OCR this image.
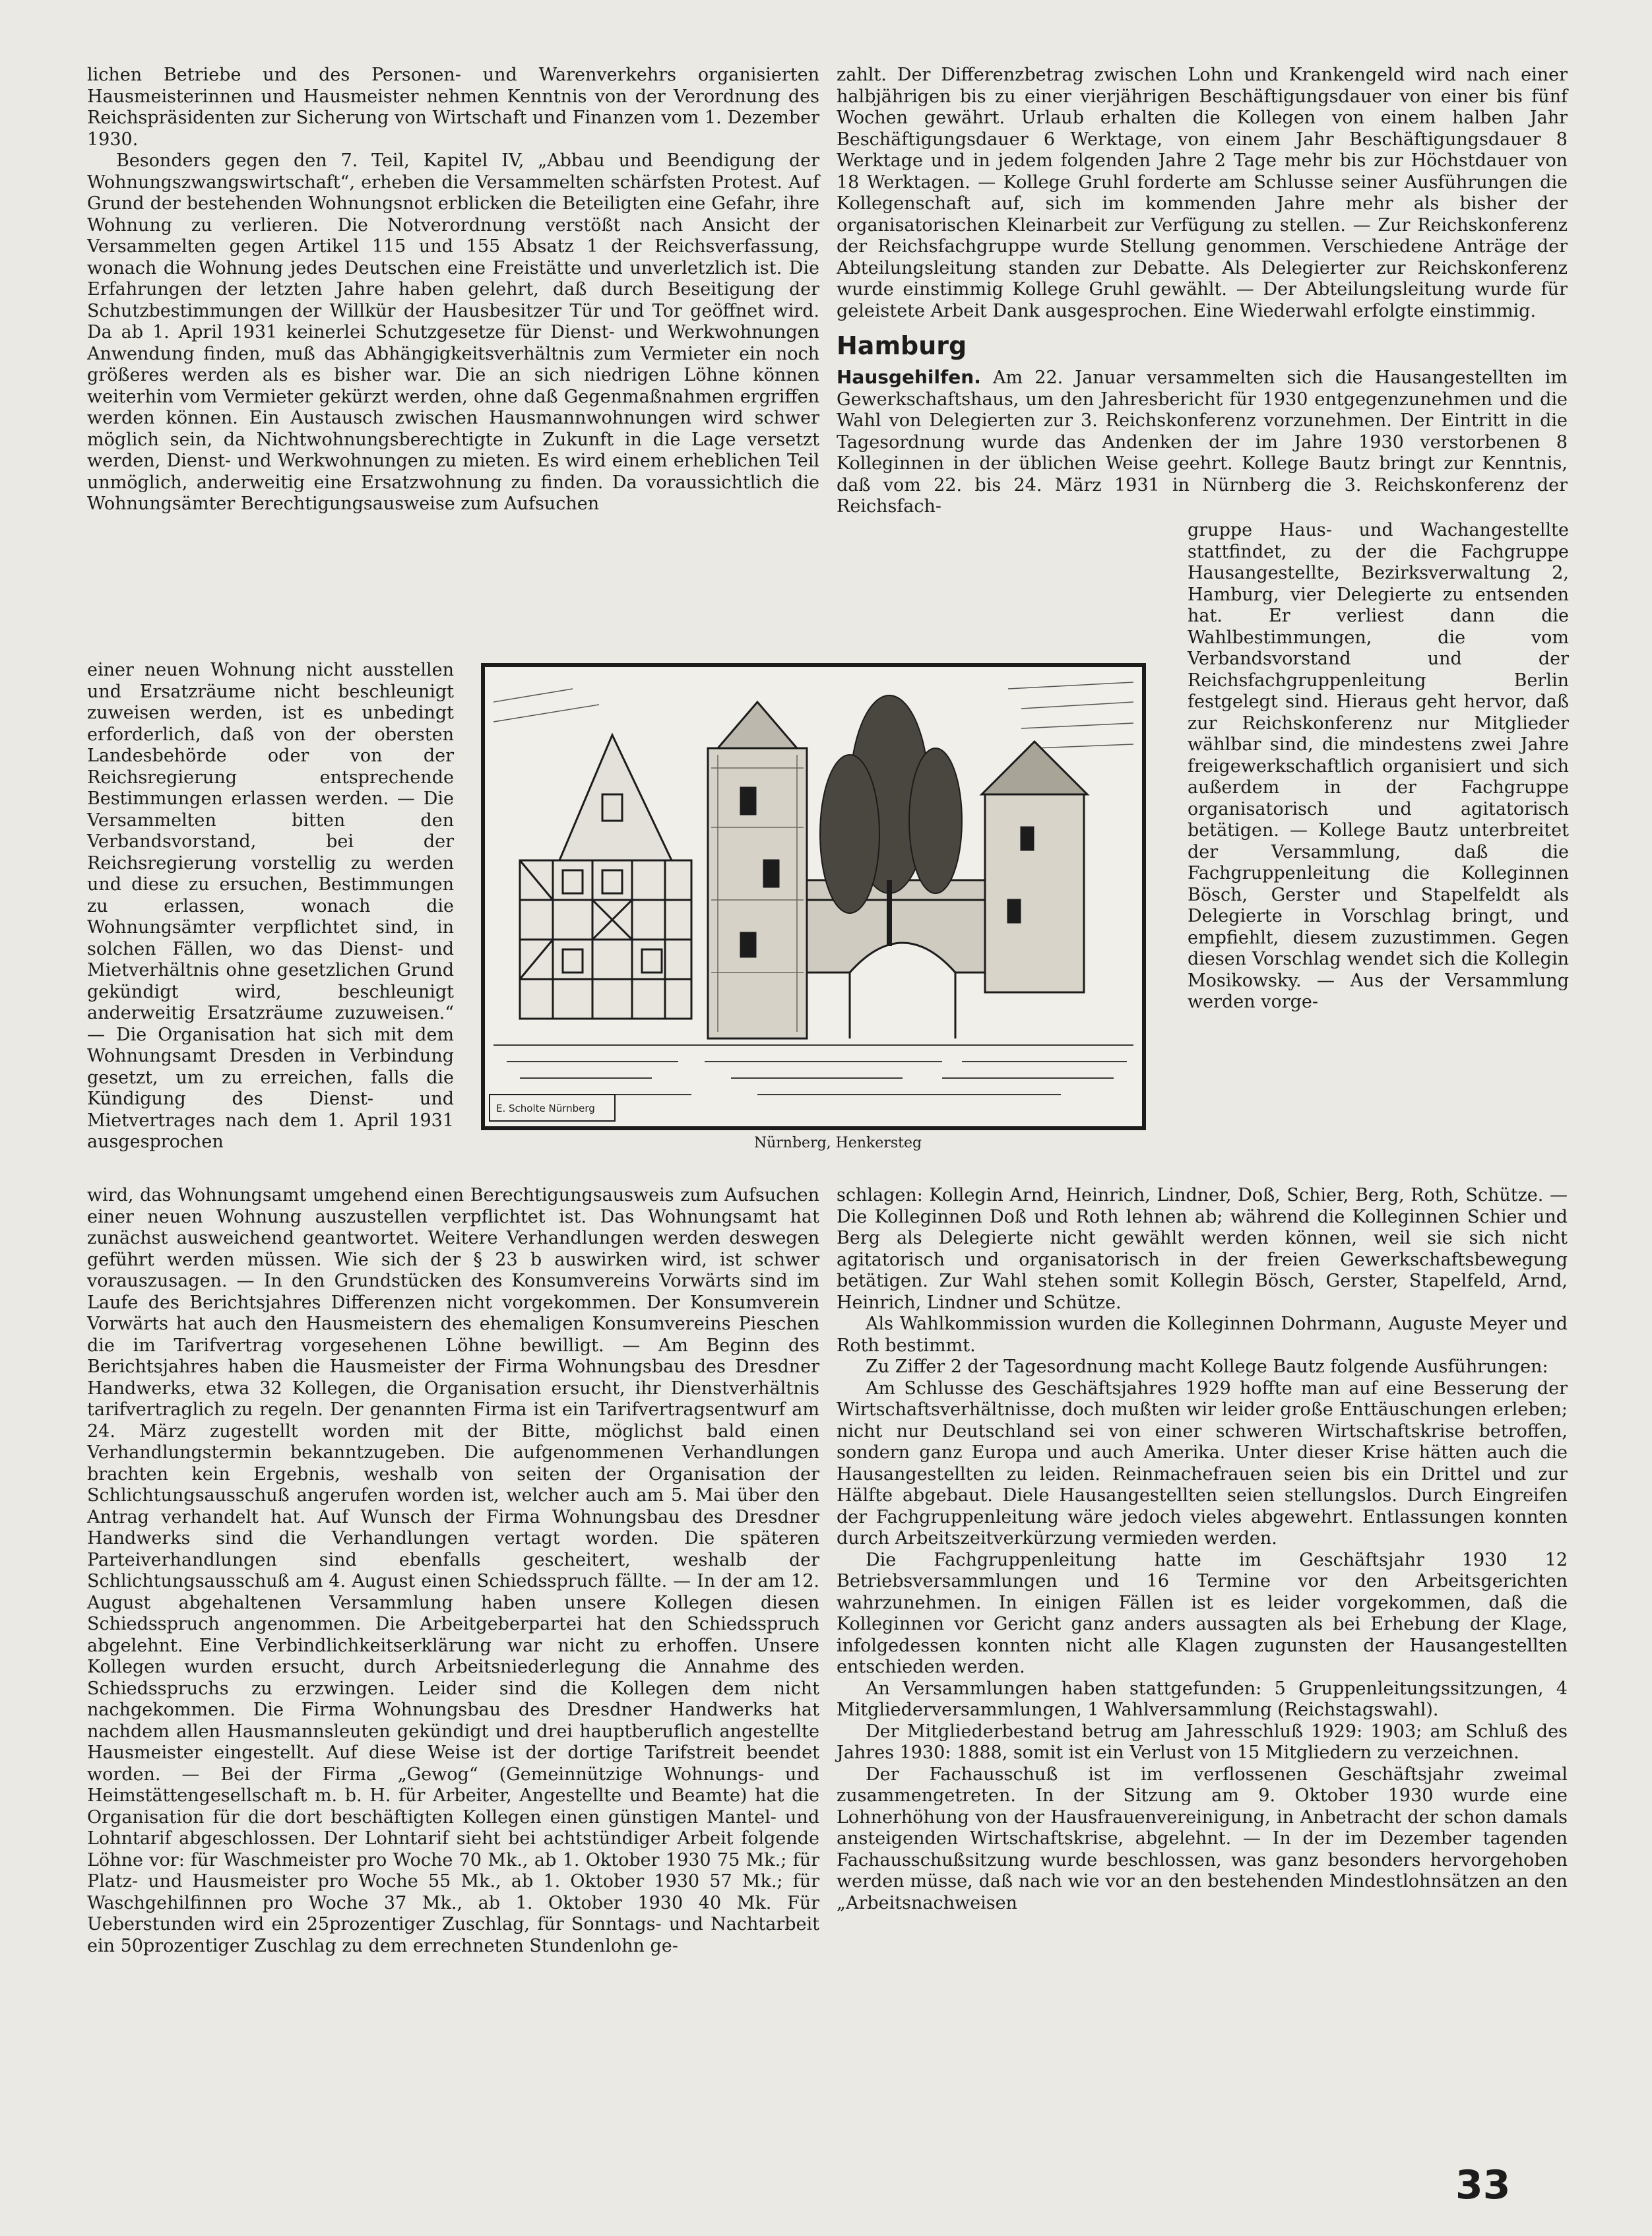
lichen Betriebe und des Personen- und Warenverkehrs organisierten Hausmeisterinnen und Hausmeister nehmen Kenntnis von der Verordnung des Reichspräsidenten zur Sicherung von Wirtschaft und Finanzen vom 1. Dezember 1930.

Besonders gegen den 7. Teil, Kapitel IV, „Abbau und Beendigung der Wohnungszwangswirtschaft“, erheben die Versammelten schärfsten Protest. Auf Grund der bestehenden Wohnungsnot erblicken die Beteiligten eine Gefahr, ihre Wohnung zu verlieren. Die Notverordnung verstößt nach Ansicht der Versammelten gegen Artikel 115 und 155 Absatz 1 der Reichsverfassung, wonach die Wohnung jedes Deutschen eine Freistätte und unverletzlich ist. Die Erfahrungen der letzten Jahre haben gelehrt, daß durch Beseitigung der Schutzbestimmungen der Willkür der Hausbesitzer Tür und Tor geöffnet wird. Da ab 1. April 1931 keinerlei Schutzgesetze für Dienst- und Werkwohnungen Anwendung finden, muß das Abhängigkeitsverhältnis zum Vermieter ein noch größeres werden als es bisher war. Die an sich niedrigen Löhne können weiterhin vom Vermieter gekürzt werden, ohne daß Gegenmaßnahmen ergriffen werden können. Ein Austausch zwischen Hausmannwohnungen wird schwer möglich sein, da Nichtwohnungsberechtigte in Zukunft in die Lage versetzt werden, Dienst- und Werkwohnungen zu mieten. Es wird einem erheblichen Teil unmöglich, anderweitig eine Ersatzwohnung zu finden. Da voraussichtlich die Wohnungsämter Berechtigungsausweise zum Aufsuchen

einer neuen Wohnung nicht ausstellen und Ersatzräume nicht beschleunigt zuweisen werden, ist es unbedingt erforderlich, daß von der obersten Landesbehörde oder von der Reichsregierung entsprechende Bestimmungen erlassen werden. — Die Versammelten bitten den Verbandsvorstand, bei der Reichsregierung vorstellig zu werden und diese zu ersuchen, Bestimmungen zu erlassen, wonach die Wohnungsämter verpflichtet sind, in solchen Fällen, wo das Dienst- und Mietverhältnis ohne gesetzlichen Grund gekündigt wird, beschleunigt anderweitig Ersatzräume zuzuweisen.“ — Die Organisation hat sich mit dem Wohnungsamt Dresden in Verbindung gesetzt, um zu erreichen, falls die Kündigung des Dienst- und Mietvertrages nach dem 1. April 1931 ausgesprochen

wird, das Wohnungsamt umgehend einen Berechtigungsausweis zum Aufsuchen einer neuen Wohnung auszustellen verpflichtet ist. Das Wohnungsamt hat zunächst ausweichend geantwortet. Weitere Verhandlungen werden deswegen geführt werden müssen. Wie sich der § 23 b auswirken wird, ist schwer vorauszusagen. — In den Grundstücken des Konsumvereins Vorwärts sind im Laufe des Berichtsjahres Differenzen nicht vorgekommen. Der Konsumverein Vorwärts hat auch den Hausmeistern des ehemaligen Konsumvereins Pieschen die im Tarifvertrag vorgesehenen Löhne bewilligt. — Am Beginn des Berichtsjahres haben die Hausmeister der Firma Wohnungsbau des Dresdner Handwerks, etwa 32 Kollegen, die Organisation ersucht, ihr Dienstverhältnis tarifvertraglich zu regeln. Der genannten Firma ist ein Tarifvertragsentwurf am 24. März zugestellt worden mit der Bitte, möglichst bald einen Verhandlungstermin bekanntzugeben. Die aufgenommenen Verhandlungen brachten kein Ergebnis, weshalb von seiten der Organisation der Schlichtungsausschuß angerufen worden ist, welcher auch am 5. Mai über den Antrag verhandelt hat. Auf Wunsch der Firma Wohnungsbau des Dresdner Handwerks sind die Verhandlungen vertagt worden. Die späteren Parteiverhandlungen sind ebenfalls gescheitert, weshalb der Schlichtungsausschuß am 4. August einen Schiedsspruch fällte. — In der am 12. August abgehaltenen Versammlung haben unsere Kollegen diesen Schiedsspruch angenommen. Die Arbeitgeberpartei hat den Schiedsspruch abgelehnt. Eine Verbindlichkeitserklärung war nicht zu erhoffen. Unsere Kollegen wurden ersucht, durch Arbeitsniederlegung die Annahme des Schiedsspruchs zu erzwingen. Leider sind die Kollegen dem nicht nachgekommen. Die Firma Wohnungsbau des Dresdner Handwerks hat nachdem allen Hausmannsleuten gekündigt und drei hauptberuflich angestellte Hausmeister eingestellt. Auf diese Weise ist der dortige Tarifstreit beendet worden. — Bei der Firma „Gewog“ (Gemeinnützige Wohnungs- und Heimstättengesellschaft m. b. H. für Arbeiter, Angestellte und Beamte) hat die Organisation für die dort beschäftigten Kollegen einen günstigen Mantel- und Lohntarif abgeschlossen. Der Lohntarif sieht bei achtstündiger Arbeit folgende Löhne vor: für Waschmeister pro Woche 70 Mk., ab 1. Oktober 1930 75 Mk.; für Platz- und Hausmeister pro Woche 55 Mk., ab 1. Oktober 1930 57 Mk.; für Waschgehilfinnen pro Woche 37 Mk., ab 1. Oktober 1930 40 Mk. Für Ueberstunden wird ein 25prozentiger Zuschlag, für Sonntags- und Nachtarbeit ein 50prozentiger Zuschlag zu dem errechneten Stundenlohn ge-

zahlt. Der Differenzbetrag zwischen Lohn und Krankengeld wird nach einer halbjährigen bis zu einer vierjährigen Beschäftigungsdauer von einer bis fünf Wochen gewährt. Urlaub erhalten die Kollegen von einem halben Jahr Beschäftigungsdauer 6 Werktage, von einem Jahr Beschäftigungsdauer 8 Werktage und in jedem folgenden Jahre 2 Tage mehr bis zur Höchstdauer von 18 Werktagen. — Kollege Gruhl forderte am Schlusse seiner Ausführungen die Kollegenschaft auf, sich im kommenden Jahre mehr als bisher der organisatorischen Kleinarbeit zur Verfügung zu stellen. — Zur Reichskonferenz der Reichsfachgruppe wurde Stellung genommen. Verschiedene Anträge der Abteilungsleitung standen zur Debatte. Als Delegierter zur Reichskonferenz wurde einstimmig Kollege Gruhl gewählt. — Der Abteilungsleitung wurde für geleistete Arbeit Dank ausgesprochen. Eine Wiederwahl erfolgte einstimmig.

Hamburg

Hausgehilfen. Am 22. Januar versammelten sich die Hausangestellten im Gewerkschaftshaus, um den Jahresbericht für 1930 entgegenzunehmen und die Wahl von Delegierten zur 3. Reichskonferenz vorzunehmen. Der Eintritt in die Tagesordnung wurde das Andenken der im Jahre 1930 verstorbenen 8 Kolleginnen in der üblichen Weise geehrt. Kollege Bautz bringt zur Kenntnis, daß vom 22. bis 24. März 1931 in Nürnberg die 3. Reichskonferenz der Reichsfach-

gruppe Haus- und Wachangestellte stattfindet, zu der die Fachgruppe Hausangestellte, Bezirksverwaltung 2, Hamburg, vier Delegierte zu entsenden hat. Er verliest dann die Wahlbestimmungen, die vom Verbandsvorstand und der Reichsfachgruppenleitung Berlin festgelegt sind. Hieraus geht hervor, daß zur Reichskonferenz nur Mitglieder wählbar sind, die mindestens zwei Jahre freigewerkschaftlich organisiert und sich außerdem in der Fachgruppe organisatorisch und agitatorisch betätigen. — Kollege Bautz unterbreitet der Versammlung, daß die Fachgruppenleitung die Kolleginnen Bösch, Gerster und Stapelfeldt als Delegierte in Vorschlag bringt, und empfiehlt, diesem zuzustimmen. Gegen diesen Vorschlag wendet sich die Kollegin Mosikowsky. — Aus der Versammlung werden vorge-

schlagen: Kollegin Arnd, Heinrich, Lindner, Doß, Schier, Berg, Roth, Schütze. — Die Kolleginnen Doß und Roth lehnen ab; während die Kolleginnen Schier und Berg als Delegierte nicht gewählt werden können, weil sie sich nicht agitatorisch und organisatorisch in der freien Gewerkschaftsbewegung betätigen. Zur Wahl stehen somit Kollegin Bösch, Gerster, Stapelfeld, Arnd, Heinrich, Lindner und Schütze.

Als Wahlkommission wurden die Kolleginnen Dohrmann, Auguste Meyer und Roth bestimmt.

Zu Ziffer 2 der Tagesordnung macht Kollege Bautz folgende Ausführungen:

Am Schlusse des Geschäftsjahres 1929 hoffte man auf eine Besserung der Wirtschaftsverhältnisse, doch mußten wir leider große Enttäuschungen erleben; nicht nur Deutschland sei von einer schweren Wirtschaftskrise betroffen, sondern ganz Europa und auch Amerika. Unter dieser Krise hätten auch die Hausangestellten zu leiden. Reinmachefrauen seien bis ein Drittel und zur Hälfte abgebaut. Diele Hausangestellten seien stellungslos. Durch Eingreifen der Fachgruppenleitung wäre jedoch vieles abgewehrt. Entlassungen konnten durch Arbeitszeitverkürzung vermieden werden.

Die Fachgruppenleitung hatte im Geschäftsjahr 1930 12 Betriebsversammlungen und 16 Termine vor den Arbeitsgerichten wahrzunehmen. In einigen Fällen ist es leider vorgekommen, daß die Kolleginnen vor Gericht ganz anders aussagten als bei Erhebung der Klage, infolgedessen konnten nicht alle Klagen zugunsten der Hausangestellten entschieden werden.

An Versammlungen haben stattgefunden: 5 Gruppenleitungssitzungen, 4 Mitgliederversammlungen, 1 Wahlversammlung (Reichstagswahl).

Der Mitgliederbestand betrug am Jahresschluß 1929: 1903; am Schluß des Jahres 1930: 1888, somit ist ein Verlust von 15 Mitgliedern zu verzeichnen.

Der Fachausschuß ist im verflossenen Geschäftsjahr zweimal zusammengetreten. In der Sitzung am 9. Oktober 1930 wurde eine Lohnerhöhung von der Hausfrauenvereinigung, in Anbetracht der schon damals ansteigenden Wirtschaftskrise, abgelehnt. — In der im Dezember tagenden Fachausschußsitzung wurde beschlossen, was ganz besonders hervorgehoben werden müsse, daß nach wie vor an den bestehenden Mindestlohnsätzen an den „Arbeitsnachweisen

E. Scholte Nürnberg
Nürnberg, Henkersteg
33
